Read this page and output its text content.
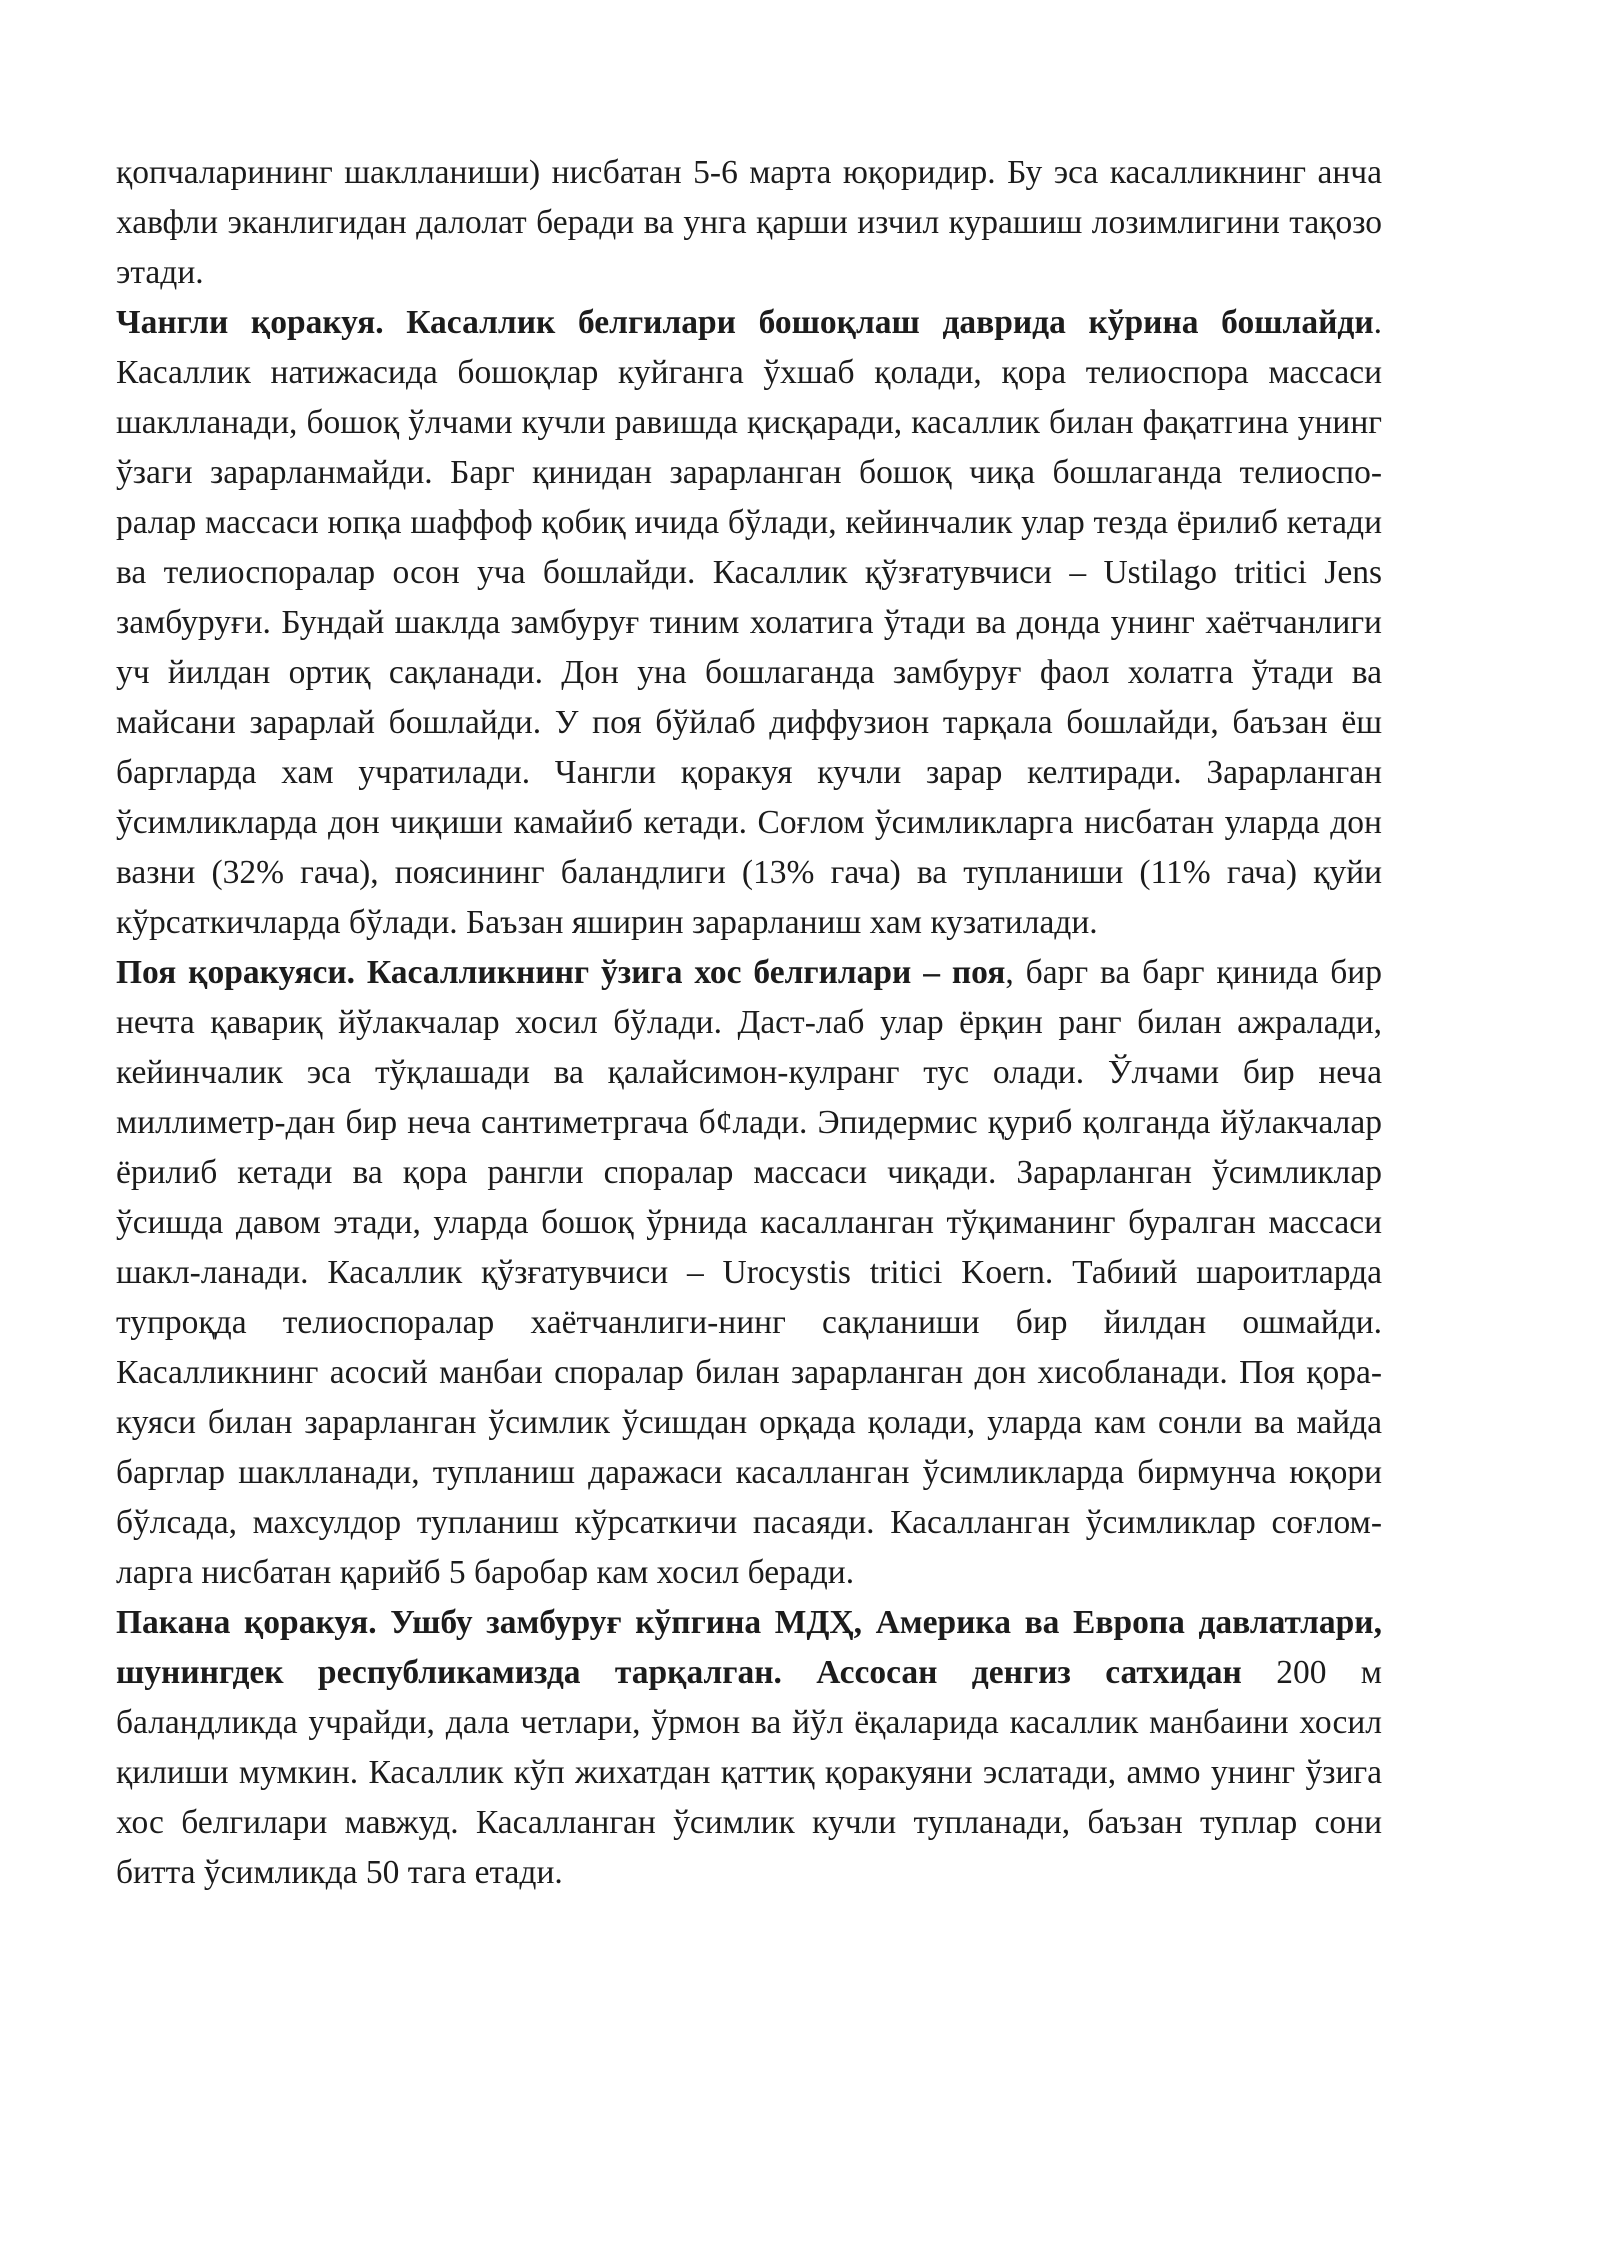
қопчаларининг шаклланиши) нисбатан 5-6 марта юқоридир. Бу эса касалликнинг анча хавфли эканлигидан далолат беради ва унга қарши изчил курашиш лозимлигини тақозо этади.

Чангли қоракуя. Касаллик белгилари бошоқлаш даврида кўрина бошлайди. Касаллик натижасида бошоқлар куйганга ўхшаб қолади, қора телиоспора массаси шаклланади, бошоқ ўлчами кучли равишда қисқаради, касаллик билан фақатгина унинг ўзаги зарарланмайди. Барг қинидан зарарланган бошоқ чиқа бошлаганда телиоспо-ралар массаси юпқа шаффоф қобиқ ичида бўлади, кейинчалик улар тезда ёрилиб кетади ва телиоспоралар осон уча бошлайди. Касаллик қўзғатувчиси – Ustilago tritici Jens замбуруғи. Бундай шаклда замбуруғ тиним холатига ўтади ва донда унинг хаётчанлиги уч йилдан ортиқ сақланади. Дон уна бошлаганда замбуруғ фаол холатга ўтади ва майсани зарарлай бошлайди. У поя бўйлаб диффузион тарқала бошлайди, баъзан ёш баргларда хам учратилади. Чангли қоракуя кучли зарар келтиради. Зарарланган ўсимликларда дон чиқиши камайиб кетади. Соғлом ўсимликларга нисбатан уларда дон вазни (32% гача), поясининг баландлиги (13% гача) ва тупланиши (11% гача) қуйи кўрсаткичларда бўлади. Баъзан яширин зарарланиш хам кузатилади.

Поя қоракуяси. Касалликнинг ўзига хос белгилари – поя, барг ва барг қинида бир нечта қавариқ йўлакчалар хосил бўлади. Даст-лаб улар ёрқин ранг билан ажралади, кейинчалик эса тўқлашади ва қалайсимон-кулранг тус олади. Ўлчами бир неча миллиметр-дан бир неча сантиметргача б¢лади. Эпидермис қуриб қолганда йўлакчалар ёрилиб кетади ва қора рангли споралар массаси чиқади. Зарарланган ўсимликлар ўсишда давом этади, уларда бошоқ ўрнида касалланган тўқиманинг буралган массаси шакл-ланади. Касаллик қўзғатувчиси – Urocystis tritici Koern. Табиий шароитларда тупроқда телиоспоралар хаётчанлиги-нинг сақланиши бир йилдан ошмайди. Касалликнинг асосий манбаи споралар билан зарарланган дон хисобланади. Поя қора-куяси билан зарарланган ўсимлик ўсишдан орқада қолади, уларда кам сонли ва майда барглар шаклланади, тупланиш даражаси касалланган ўсимликларда бирмунча юқори бўлсада, махсулдор тупланиш кўрсаткичи пасаяди. Касалланган ўсимликлар соғлом-ларга нисбатан қарийб 5 баробар кам хосил беради.

Пакана қоракуя. Ушбу замбуруғ кўпгина МДҲ, Америка ва Европа давлатлари, шунингдек республикамизда тарқалган. Ассосан денгиз сатхидан 200 м баландликда учрайди, дала четлари, ўрмон ва йўл ёқаларида касаллик манбаини хосил қилиши мумкин. Касаллик кўп жихатдан қаттиқ қоракуяни эслатади, аммо унинг ўзига хос белгилари мавжуд. Касалланган ўсимлик кучли тупланади, баъзан туплар сони битта ўсимликда 50 тага етади.
